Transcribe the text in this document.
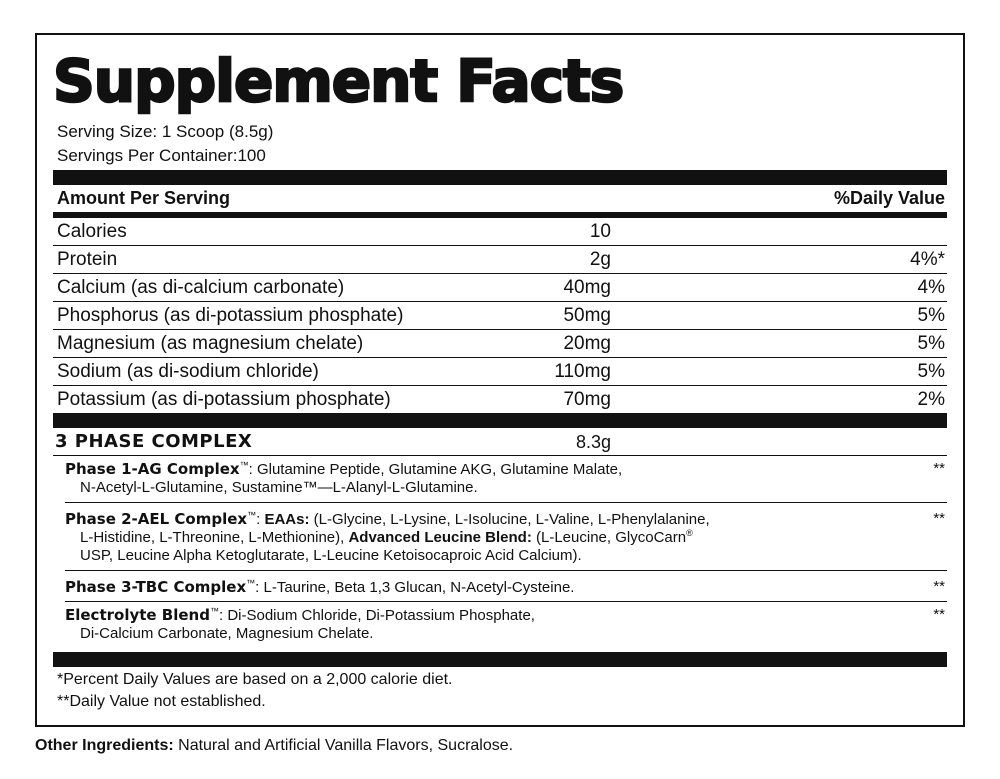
Supplement Facts
Serving Size: 1 Scoop (8.5g)
Servings Per Container:100
Amount Per Serving	%Daily Value
Calories	10
Protein	2g	4%*
Calcium (as di-calcium carbonate)	40mg	4%
Phosphorus (as di-potassium phosphate)	50mg	5%
Magnesium (as magnesium chelate)	20mg	5%
Sodium (as di-sodium chloride)	110mg	5%
Potassium (as di-potassium phosphate)	70mg	2%
3 PHASE COMPLEX	8.3g
Phase 1-AG Complex™: Glutamine Peptide, Glutamine AKG, Glutamine Malate,
N-Acetyl-L-Glutamine, Sustamine™—L-Alanyl-L-Glutamine.
**
Phase 2-AEL Complex™: EAAs: (L-Glycine, L-Lysine, L-Isolucine, L-Valine, L-Phenylalanine,
L-Histidine, L-Threonine, L-Methionine), Advanced Leucine Blend: (L-Leucine, GlycoCarn®
USP, Leucine Alpha Ketoglutarate, L-Leucine Ketoisocaproic Acid Calcium).
**
Phase 3-TBC Complex™: L-Taurine, Beta 1,3 Glucan, N-Acetyl-Cysteine.	**
Electrolyte Blend™: Di-Sodium Chloride, Di-Potassium Phosphate,
Di-Calcium Carbonate, Magnesium Chelate.
**
*Percent Daily Values are based on a 2,000 calorie diet.
**Daily Value not established.
Other Ingredients: Natural and Artificial Vanilla Flavors, Sucralose.
